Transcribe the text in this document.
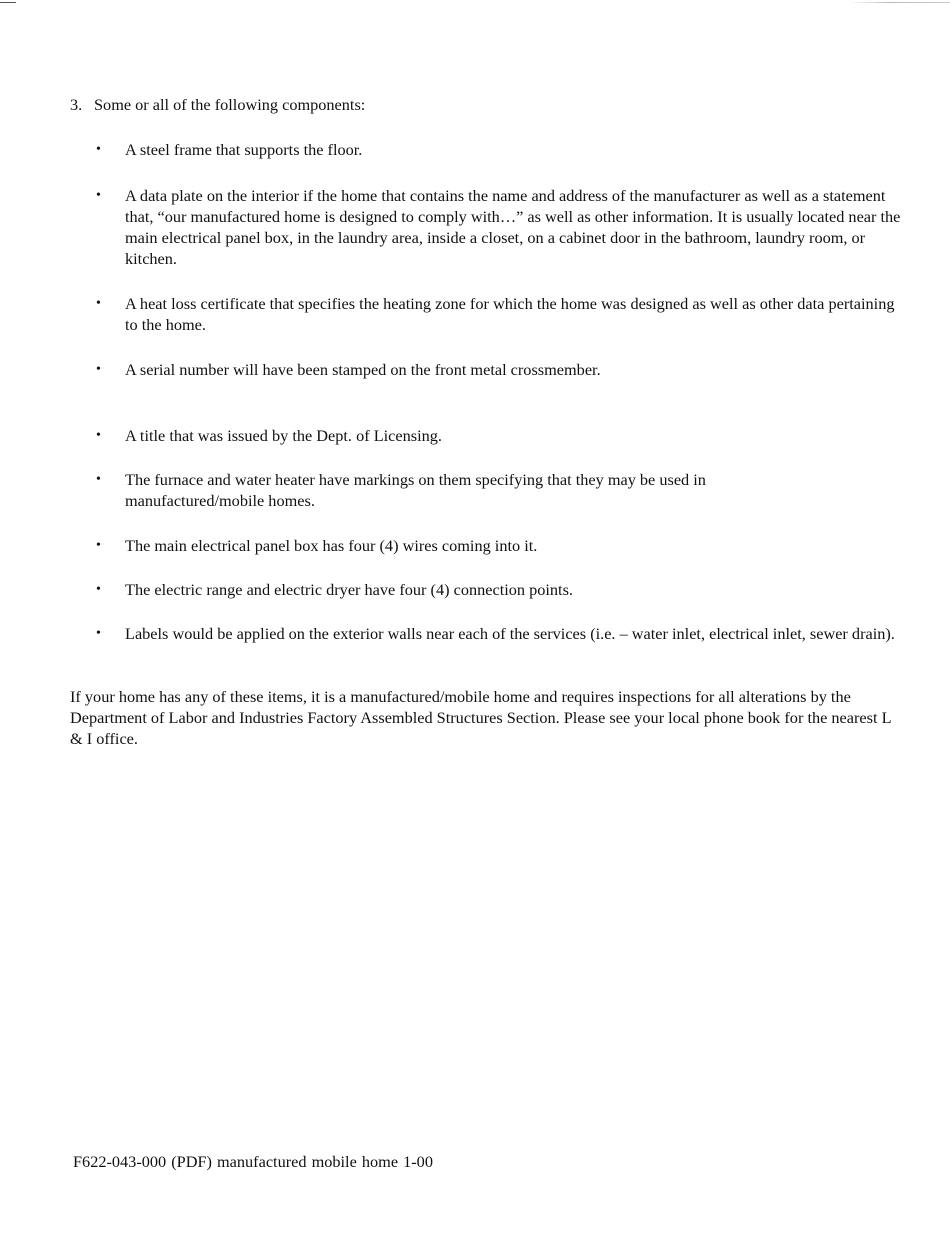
3. Some or all of the following components:

•	A steel frame that supports the floor.
•	A data plate on the interior if the home that contains the name and address of the manufacturer as well as a statement that, “our manufactured home is designed to comply with…” as well as other information. It is usually located near the main electrical panel box, in the laundry area, inside a closet, on a cabinet door in the bathroom, laundry room, or kitchen.
•	A heat loss certificate that specifies the heating zone for which the home was designed as well as other data pertaining to the home.
•	A serial number will have been stamped on the front metal crossmember.
•	A title that was issued by the Dept. of Licensing.
•	The furnace and water heater have markings on them specifying that they may be used in manufactured/mobile homes.
•	The main electrical panel box has four (4) wires coming into it.
•	The electric range and electric dryer have four (4) connection points.
•	Labels would be applied on the exterior walls near each of the services (i.e. – water inlet, electrical inlet, sewer drain).

If your home has any of these items, it is a manufactured/mobile home and requires inspections for all alterations by the Department of Labor and Industries Factory Assembled Structures Section. Please see your local phone book for the nearest L & I office.

F622-043-000 (PDF) manufactured mobile home 1-00
